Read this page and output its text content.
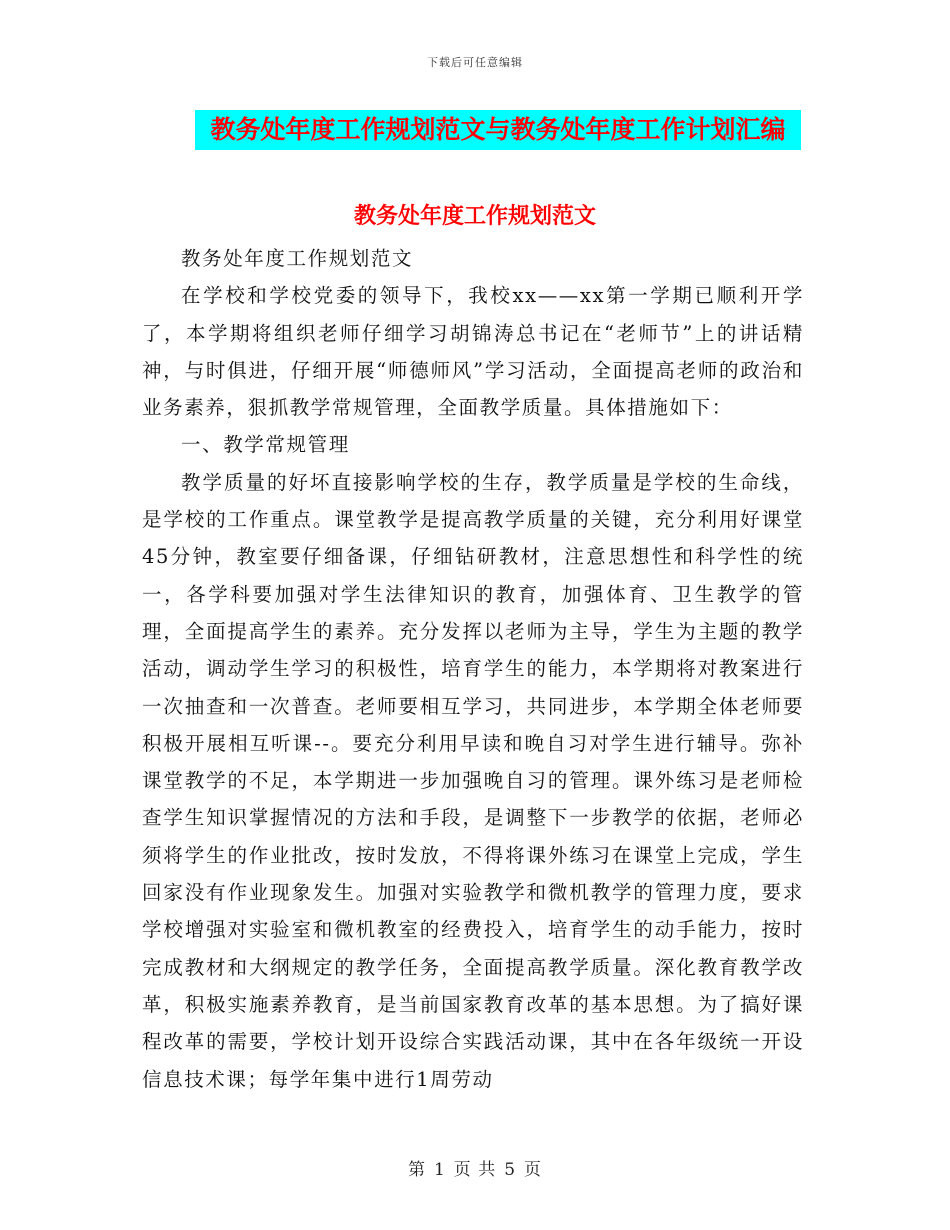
下载后可任意编辑
教务处年度工作规划范文与教务处年度工作计划汇编
教务处年度工作规划范文

教务处年度工作规划范文

在学校和学校党委的领导下，我校xx——xx第一学期已顺利开学了，本学期将组织老师仔细学习胡锦涛总书记在“老师节”上的讲话精神，与时俱进，仔细开展“师德师风”学习活动，全面提高老师的政治和业务素养，狠抓教学常规管理，全面教学质量。具体措施如下：

一、教学常规管理

教学质量的好坏直接影响学校的生存，教学质量是学校的生命线，是学校的工作重点。课堂教学是提高教学质量的关键，充分利用好课堂45分钟，教室要仔细备课，仔细钻研教材，注意思想性和科学性的统一，各学科要加强对学生法律知识的教育，加强体育、卫生教学的管理，全面提高学生的素养。充分发挥以老师为主导，学生为主题的教学活动，调动学生学习的积极性，培育学生的能力，本学期将对教案进行一次抽查和一次普查。老师要相互学习，共同进步，本学期全体老师要积极开展相互听课--。要充分利用早读和晚自习对学生进行辅导。弥补课堂教学的不足，本学期进一步加强晚自习的管理。课外练习是老师检查学生知识掌握情况的方法和手段，是调整下一步教学的依据，老师必须将学生的作业批改，按时发放，不得将课外练习在课堂上完成，学生回家没有作业现象发生。加强对实验教学和微机教学的管理力度，要求学校增强对实验室和微机教室的经费投入，培育学生的动手能力，按时完成教材和大纲规定的教学任务，全面提高教学质量。深化教育教学改革，积极实施素养教育，是当前国家教育改革的基本思想。为了搞好课程改革的需要，学校计划开设综合实践活动课，其中在各年级统一开设信息技术课；每学年集中进行1周劳动

第 1 页 共 5 页
